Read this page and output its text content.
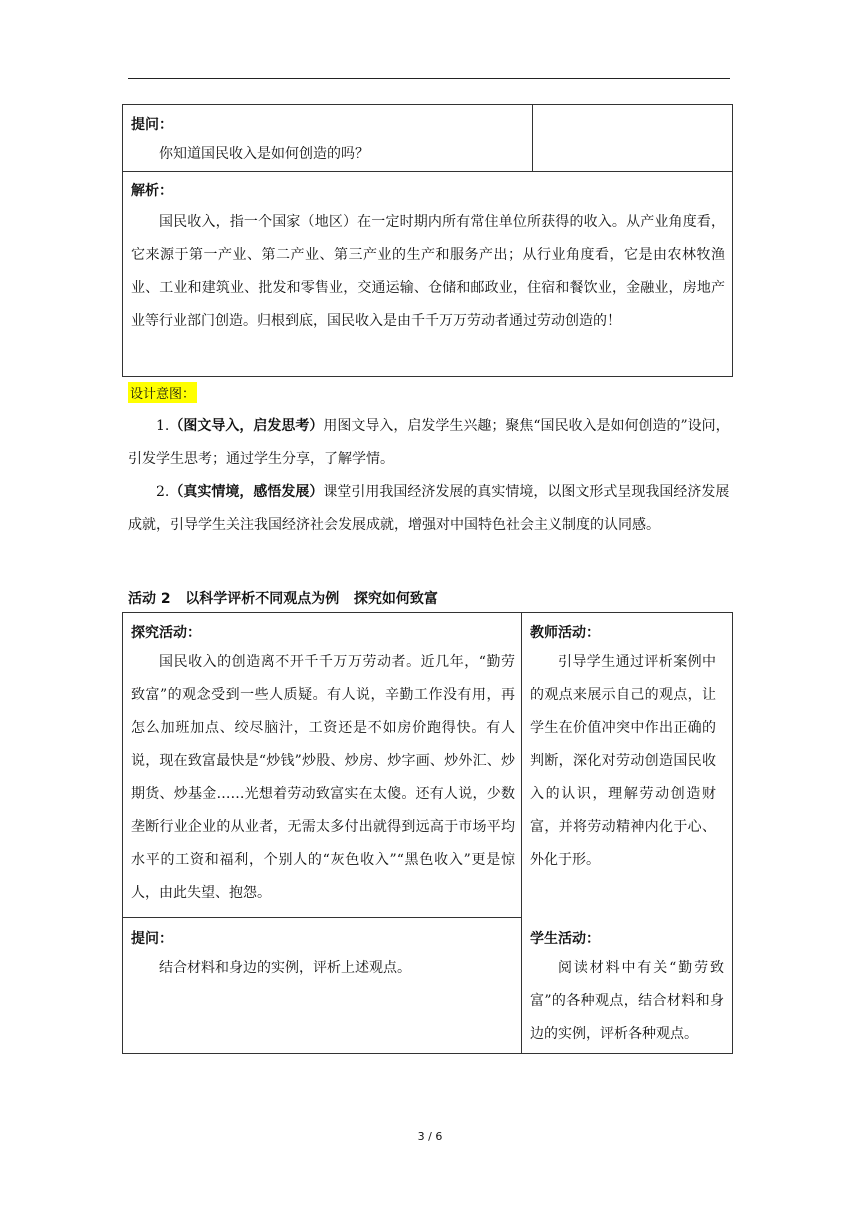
提问：

你知道国民收入是如何创造的吗？

解析：

国民收入，指一个国家（地区）在一定时期内所有常住单位所获得的收入。从产业角度看，它来源于第一产业、第二产业、第三产业的生产和服务产出；从行业角度看，它是由农林牧渔业、工业和建筑业、批发和零售业，交通运输、仓储和邮政业，住宿和餐饮业，金融业，房地产业等行业部门创造。归根到底，国民收入是由千千万万劳动者通过劳动创造的！

设计意图：

1.（图文导入，启发思考）用图文导入，启发学生兴趣；聚焦“国民收入是如何创造的”设问，引发学生思考；通过学生分享，了解学情。

2.（真实情境，感悟发展）课堂引用我国经济发展的真实情境，以图文形式呈现我国经济发展成就，引导学生关注我国经济社会发展成就，增强对中国特色社会主义制度的认同感。

活动 2   以科学评析不同观点为例   探究如何致富
探究活动：

国民收入的创造离不开千千万万劳动者。近几年，“勤劳致富”的观念受到一些人质疑。有人说，辛勤工作没有用，再怎么加班加点、绞尽脑汁，工资还是不如房价跑得快。有人说，现在致富最快是“炒钱”炒股、炒房、炒字画、炒外汇、炒期货、炒基金……光想着劳动致富实在太傻。还有人说，少数垄断行业企业的从业者，无需太多付出就得到远高于市场平均水平的工资和福利，个别人的“灰色收入”“黑色收入”更是惊人，由此失望、抱怨。

教师活动：

引导学生通过评析案例中的观点来展示自己的观点，让学生在价值冲突中作出正确的判断，深化对劳动创造国民收入的认识，理解劳动创造财富，并将劳动精神内化于心、外化于形。

提问：

结合材料和身边的实例，评析上述观点。

学生活动：

阅读材料中有关“勤劳致富”的各种观点，结合材料和身边的实例，评析各种观点。

3 / 6
